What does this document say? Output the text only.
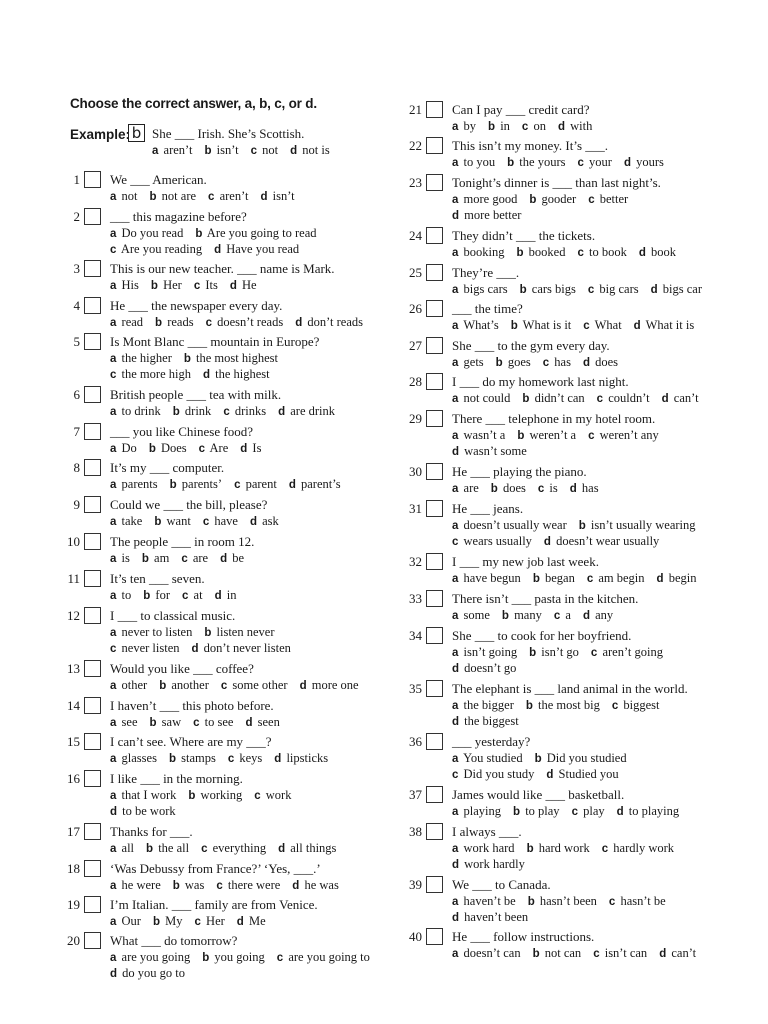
Choose the correct answer, a, b, c, or d.
Example: b She ___ Irish. She’s Scottish.
a aren’t b isn’t c not d not is
1 We ___ American.
a not b not are c aren’t d isn’t
2 ___ this magazine before?
a Do you read b Are you going to read
c Are you reading d Have you read
3 This is our new teacher. ___ name is Mark.
a His b Her c Its d He
4 He ___ the newspaper every day.
a read b reads c doesn’t reads d don’t reads
5 Is Mont Blanc ___ mountain in Europe?
a the higher b the most highest
c the more high d the highest
6 British people ___ tea with milk.
a to drink b drink c drinks d are drink
7 ___ you like Chinese food?
a Do b Does c Are d Is
8 It’s my ___ computer.
a parents b parents’ c parent d parent’s
9 Could we ___ the bill, please?
a take b want c have d ask
10 The people ___ in room 12.
a is b am c are d be
11 It’s ten ___ seven.
a to b for c at d in
12 I ___ to classical music.
a never to listen b listen never
c never listen d don’t never listen
13 Would you like ___ coffee?
a other b another c some other d more one
14 I haven’t ___ this photo before.
a see b saw c to see d seen
15 I can’t see. Where are my ___?
a glasses b stamps c keys d lipsticks
16 I like ___ in the morning.
a that I work b working c work
d to be work
17 Thanks for ___.
a all b the all c everything d all things
18 ‘Was Debussy from France?’ ‘Yes, ___.’
a he were b was c there were d he was
19 I’m Italian. ___ family are from Venice.
a Our b My c Her d Me
20 What ___ do tomorrow?
a are you going b you going c are you going to
d do you go to
21 Can I pay ___ credit card?
a by b in c on d with
22 This isn’t my money. It’s ___.
a to you b the yours c your d yours
23 Tonight’s dinner is ___ than last night’s.
a more good b gooder c better
d more better
24 They didn’t ___ the tickets.
a booking b booked c to book d book
25 They’re ___.
a bigs cars b cars bigs c big cars d bigs car
26 ___ the time?
a What’s b What is it c What d What it is
27 She ___ to the gym every day.
a gets b goes c has d does
28 I ___ do my homework last night.
a not could b didn’t can c couldn’t d can’t
29 There ___ telephone in my hotel room.
a wasn’t a b weren’t a c weren’t any
d wasn’t some
30 He ___ playing the piano.
a are b does c is d has
31 He ___ jeans.
a doesn’t usually wear b isn’t usually wearing
c wears usually d doesn’t wear usually
32 I ___ my new job last week.
a have begun b began c am begin d begin
33 There isn’t ___ pasta in the kitchen.
a some b many c a d any
34 She ___ to cook for her boyfriend.
a isn’t going b isn’t go c aren’t going
d doesn’t go
35 The elephant is ___ land animal in the world.
a the bigger b the most big c biggest
d the biggest
36 ___ yesterday?
a You studied b Did you studied
c Did you study d Studied you
37 James would like ___ basketball.
a playing b to play c play d to playing
38 I always ___.
a work hard b hard work c hardly work
d work hardly
39 We ___ to Canada.
a haven’t be b hasn’t been c hasn’t be
d haven’t been
40 He ___ follow instructions.
a doesn’t can b not can c isn’t can d can’t
